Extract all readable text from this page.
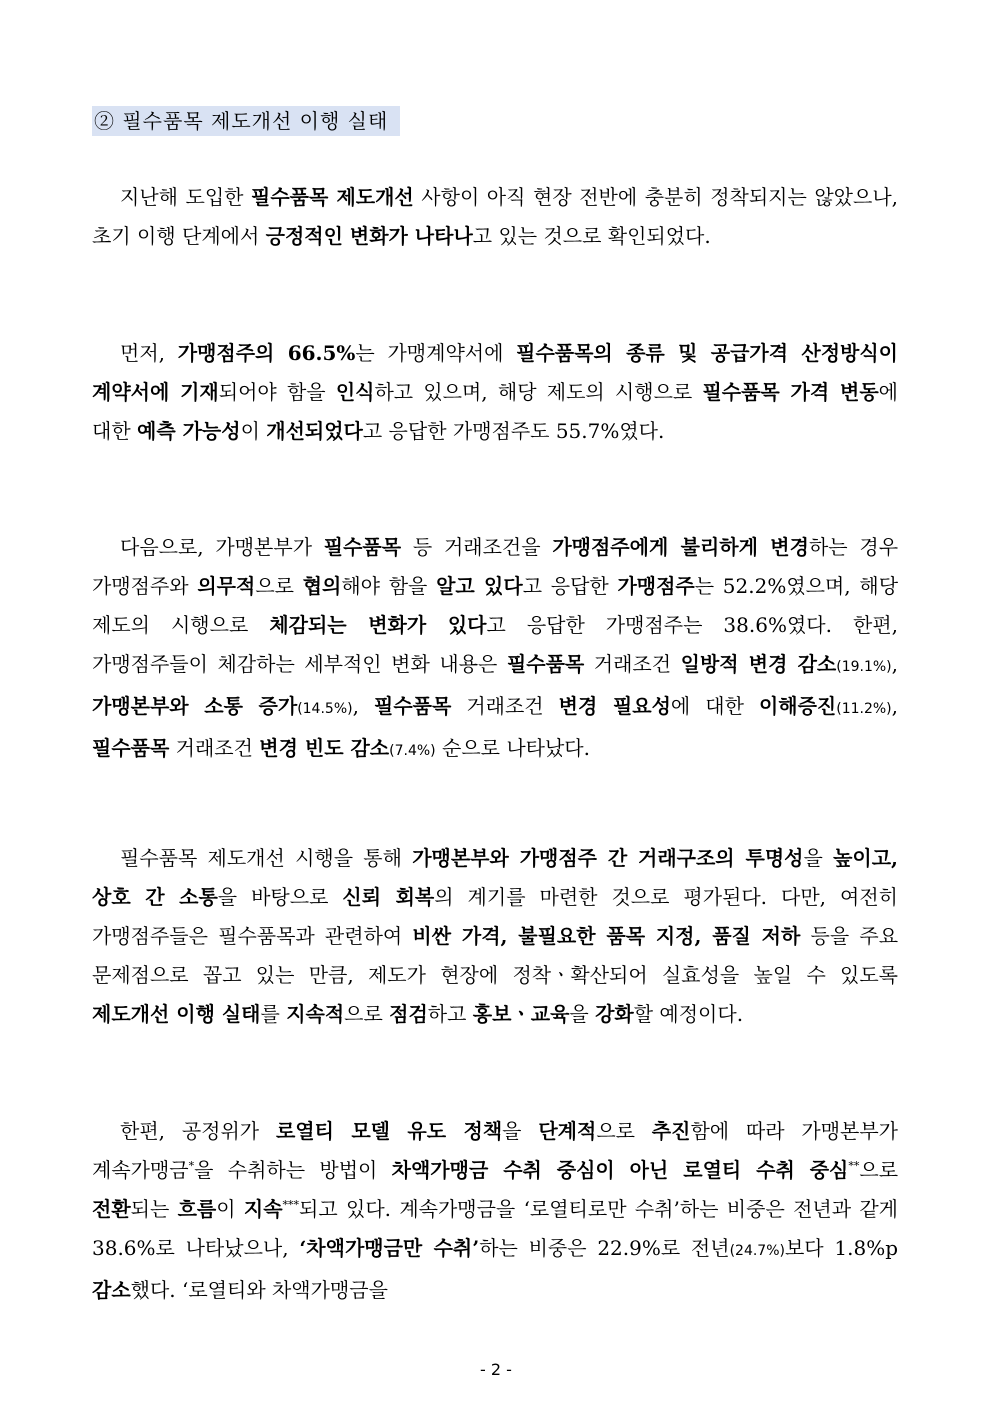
② 필수품목 제도개선 이행 실태

지난해 도입한 필수품목 제도개선 사항이 아직 현장 전반에 충분히 정착되지는 않았으나, 초기 이행 단계에서 긍정적인 변화가 나타나고 있는 것으로 확인되었다.

먼저, 가맹점주의 66.5%는 가맹계약서에 필수품목의 종류 및 공급가격 산정방식이 계약서에 기재되어야 함을 인식하고 있으며, 해당 제도의 시행으로 필수품목 가격 변동에 대한 예측 가능성이 개선되었다고 응답한 가맹점주도 55.7%였다.

다음으로, 가맹본부가 필수품목 등 거래조건을 가맹점주에게 불리하게 변경하는 경우 가맹점주와 의무적으로 협의해야 함을 알고 있다고 응답한 가맹점주는 52.2%였으며, 해당 제도의 시행으로 체감되는 변화가 있다고 응답한 가맹점주는 38.6%였다. 한편, 가맹점주들이 체감하는 세부적인 변화 내용은 필수품목 거래조건 일방적 변경 감소(19.1%), 가맹본부와 소통 증가(14.5%), 필수품목 거래조건 변경 필요성에 대한 이해증진(11.2%), 필수품목 거래조건 변경 빈도 감소(7.4%) 순으로 나타났다.

필수품목 제도개선 시행을 통해 가맹본부와 가맹점주 간 거래구조의 투명성을 높이고, 상호 간 소통을 바탕으로 신뢰 회복의 계기를 마련한 것으로 평가된다. 다만, 여전히 가맹점주들은 필수품목과 관련하여 비싼 가격, 불필요한 품목 지정, 품질 저하 등을 주요 문제점으로 꼽고 있는 만큼, 제도가 현장에 정착ㆍ확산되어 실효성을 높일 수 있도록 제도개선 이행 실태를 지속적으로 점검하고 홍보ㆍ교육을 강화할 예정이다.

한편, 공정위가 로열티 모델 유도 정책을 단계적으로 추진함에 따라 가맹본부가 계속가맹금*을 수취하는 방법이 차액가맹금 수취 중심이 아닌 로열티 수취 중심**으로 전환되는 흐름이 지속***되고 있다. 계속가맹금을 ‘로열티로만 수취’하는 비중은 전년과 같게 38.6%로 나타났으나, ‘차액가맹금만 수취’하는 비중은 22.9%로 전년(24.7%)보다 1.8%p 감소했다. ‘로열티와 차액가맹금을

- 2 -
